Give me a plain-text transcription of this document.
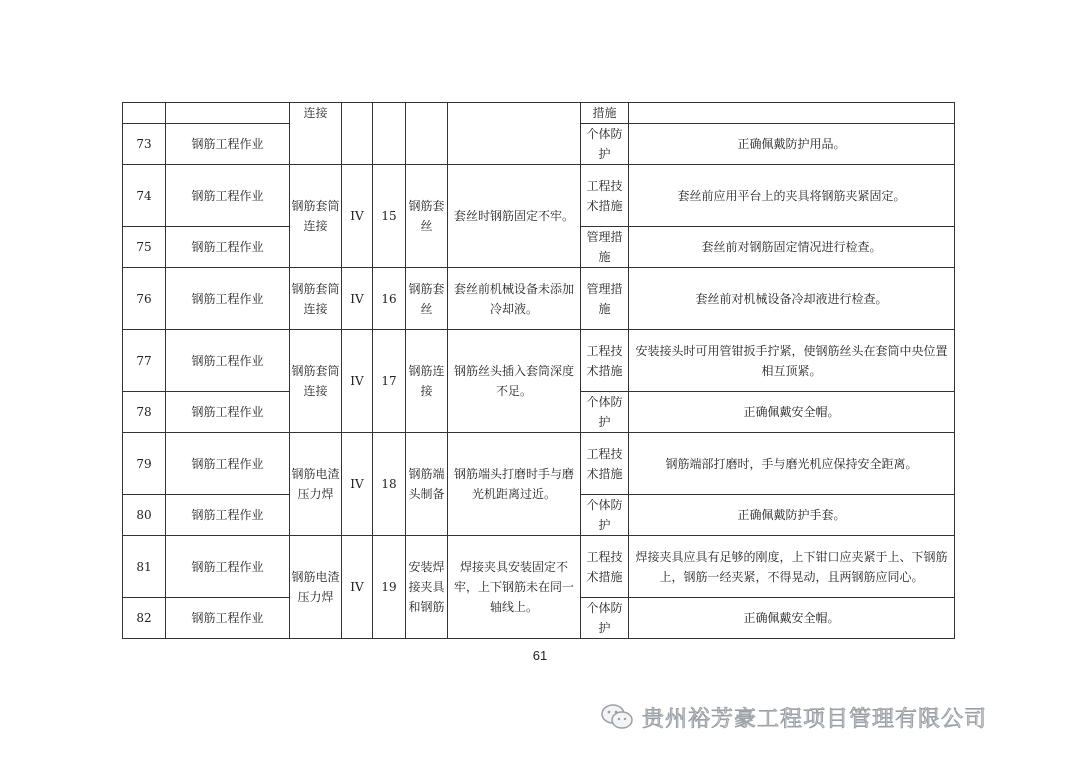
		连接					措施	
73	钢筋工程作业						个体防护	正确佩戴防护用品。
74	钢筋工程作业	钢筋套筒连接	IV	15	钢筋套丝	套丝时钢筋固定不牢。	工程技术措施	套丝前应用平台上的夹具将钢筋夹紧固定。
75	钢筋工程作业						管理措施	套丝前对钢筋固定情况进行检查。
76	钢筋工程作业	钢筋套筒连接	IV	16	钢筋套丝	套丝前机械设备未添加冷却液。	管理措施	套丝前对机械设备冷却液进行检查。
77	钢筋工程作业	钢筋套筒连接	IV	17	钢筋连接	钢筋丝头插入套筒深度不足。	工程技术措施	安装接头时可用管钳扳手拧紧，使钢筋丝头在套筒中央位置相互顶紧。
78	钢筋工程作业						个体防护	正确佩戴安全帽。
79	钢筋工程作业	钢筋电渣压力焊	IV	18	钢筋端头制备	钢筋端头打磨时手与磨光机距离过近。	工程技术措施	钢筋端部打磨时，手与磨光机应保持安全距离。
80	钢筋工程作业						个体防护	正确佩戴防护手套。
81	钢筋工程作业	钢筋电渣压力焊	IV	19	安装焊接夹具和钢筋	焊接夹具安装固定不牢，上下钢筋未在同一轴线上。	工程技术措施	焊接夹具应具有足够的刚度，上下钳口应夹紧于上、下钢筋上，钢筋一经夹紧，不得晃动，且两钢筋应同心。
82	钢筋工程作业						个体防护	正确佩戴安全帽。
61
贵州裕芳豪工程项目管理有限公司
